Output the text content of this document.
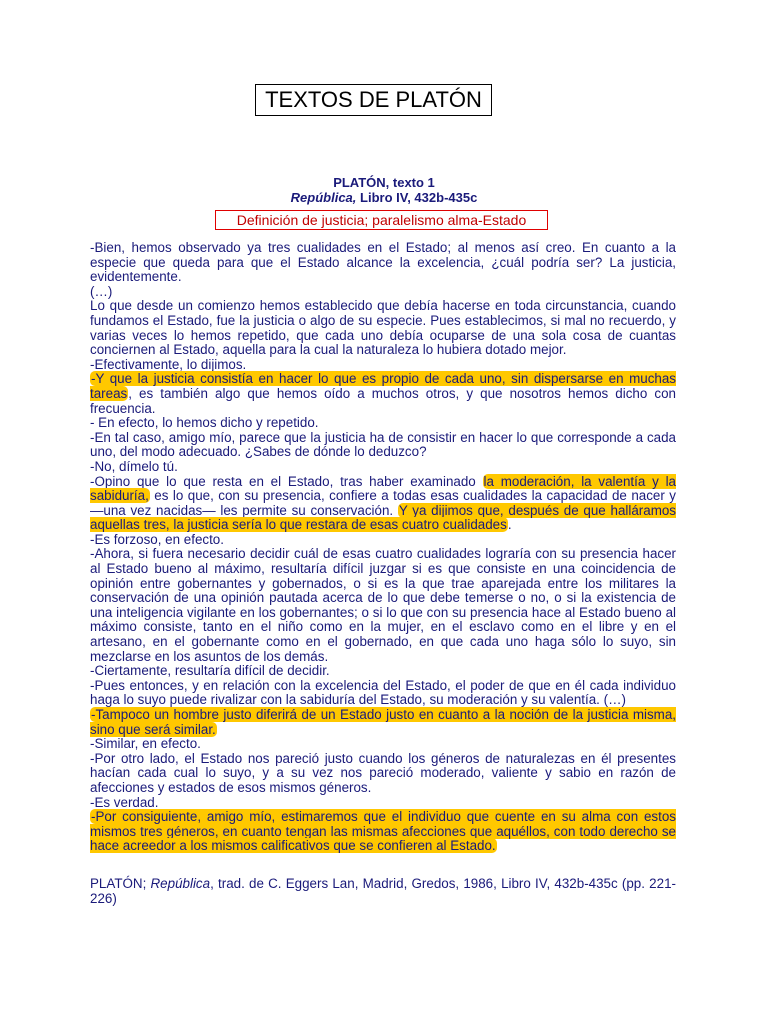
TEXTOS DE PLATÓN
PLATÓN, texto 1
República, Libro IV, 432b-435c
Definición de justicia; paralelismo alma-Estado

-Bien, hemos observado ya tres cualidades en el Estado; al menos así creo. En cuanto a la especie que queda para que el Estado alcance la excelencia, ¿cuál podría ser? La justicia, evidentemente.

(…)

Lo que desde un comienzo hemos establecido que debía hacerse en toda circunstancia, cuando fundamos el Estado, fue la justicia o algo de su especie. Pues establecimos, si mal no recuerdo, y varias veces lo hemos repetido, que cada uno debía ocuparse de una sola cosa de cuantas conciernen al Estado, aquella para la cual la naturaleza lo hubiera dotado mejor.

-Efectivamente, lo dijimos.

-Y que la justicia consistía en hacer lo que es propio de cada uno, sin dispersarse en muchas tareas, es también algo que hemos oído a muchos otros, y que nosotros hemos dicho con frecuencia.

- En efecto, lo hemos dicho y repetido.

-En tal caso, amigo mío, parece que la justicia ha de consistir en hacer lo que corresponde a cada uno, del modo adecuado. ¿Sabes de dónde lo deduzco?

-No, dímelo tú.

-Opino que lo que resta en el Estado, tras haber examinado la moderación, la valentía y la sabiduría, es lo que, con su presencia, confiere a todas esas cualidades la capacidad de nacer y —una vez nacidas— les permite su conservación. Y ya dijimos que, después de que halláramos aquellas tres, la justicia sería lo que restara de esas cuatro cualidades.

-Es forzoso, en efecto.

-Ahora, si fuera necesario decidir cuál de esas cuatro cualidades lograría con su presencia hacer al Estado bueno al máximo, resultaría difícil juzgar si es que consiste en una coincidencia de opinión entre gobernantes y gobernados, o si es la que trae aparejada entre los militares la conservación de una opinión pautada acerca de lo que debe temerse o no, o si la existencia de una inteligencia vigilante en los gobernantes; o si lo que con su presencia hace al Estado bueno al máximo consiste, tanto en el niño como en la mujer, en el esclavo como en el libre y en el artesano, en el gobernante como en el gobernado, en que cada uno haga sólo lo suyo, sin mezclarse en los asuntos de los demás.

-Ciertamente, resultaría difícil de decidir.

-Pues entonces, y en relación con la excelencia del Estado, el poder de que en él cada individuo haga lo suyo puede rivalizar con la sabiduría del Estado, su moderación y su valentía. (…)

-Tampoco un hombre justo diferirá de un Estado justo en cuanto a la noción de la justicia misma, sino que será similar.

-Similar, en efecto.

-Por otro lado, el Estado nos pareció justo cuando los géneros de naturalezas en él presentes hacían cada cual lo suyo, y a su vez nos pareció moderado, valiente y sabio en razón de afecciones y estados de esos mismos géneros.

-Es verdad.

-Por consiguiente, amigo mío, estimaremos que el individuo que cuente en su alma con estos mismos tres géneros, en cuanto tengan las mismas afecciones que aquéllos, con todo derecho se hace acreedor a los mismos calificativos que se confieren al Estado.

PLATÓN; República, trad. de C. Eggers Lan, Madrid, Gredos, 1986, Libro IV, 432b-435c (pp. 221-226)
